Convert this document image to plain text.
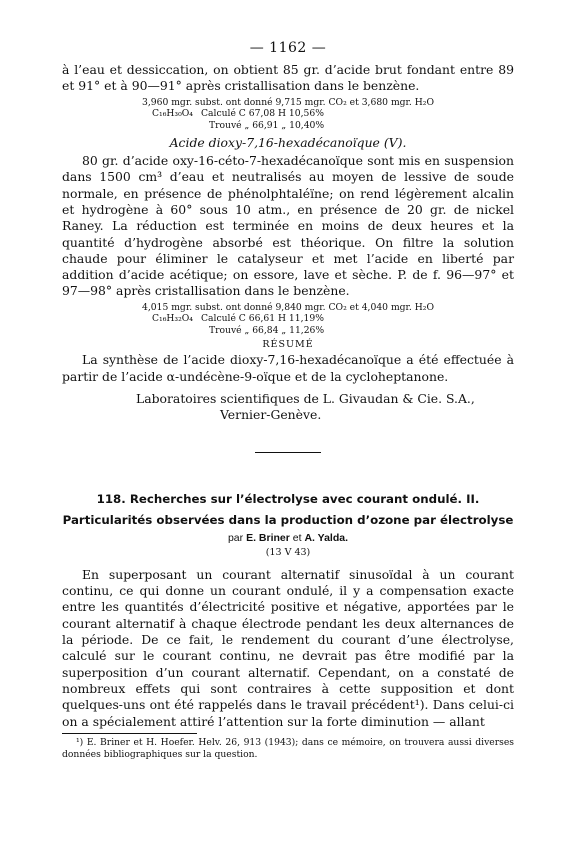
— 1162 —

à l’eau et dessiccation, on obtient 85 gr. d’acide brut fondant entre 89 et 91° et à 90—91° après cristallisation dans le benzène.

3,960 mgr. subst. ont donné 9,715 mgr. CO₂ et 3,680 mgr. H₂O
C₁₆H₃₀O₄ Calculé C 67,08 H 10,56%
Trouvé „ 66,91 „ 10,40%
Acide dioxy-7,16-hexadécanoïque (V).

80 gr. d’acide oxy-16-céto-7-hexadécanoïque sont mis en suspension dans 1500 cm³ d’eau et neutralisés au moyen de lessive de soude normale, en présence de phénolphtaléïne; on rend légèrement alcalin et hydrogène à 60° sous 10 atm., en présence de 20 gr. de nickel Raney. La réduction est terminée en moins de deux heures et la quantité d’hydrogène absorbé est théorique. On filtre la solution chaude pour éliminer le catalyseur et met l’acide en liberté par addition d’acide acétique; on essore, lave et sèche. P. de f. 96—97° et 97—98° après cristallisation dans le benzène.

4,015 mgr. subst. ont donné 9,840 mgr. CO₂ et 4,040 mgr. H₂O
C₁₆H₃₂O₄ Calculé C 66,61 H 11,19%
Trouvé „ 66,84 „ 11,26%
RÉSUMÉ

La synthèse de l’acide dioxy-7,16-hexadécanoïque a été effectuée à partir de l’acide α-undécène-9-oïque et de la cycloheptanone.

Laboratoires scientifiques de L. Givaudan & Cie. S.A.,
Vernier-Genève.
118. Recherches sur l’électrolyse avec courant ondulé. II.
Particularités observées dans la production d’ozone par électrolyse
par E. Briner et A. Yalda.
(13 V 43)

En superposant un courant alternatif sinusoïdal à un courant continu, ce qui donne un courant ondulé, il y a compensation exacte entre les quantités d’électricité positive et négative, apportées par le courant alternatif à chaque électrode pendant les deux alternances de la période. De ce fait, le rendement du courant d’une électrolyse, calculé sur le courant continu, ne devrait pas être modifié par la superposition d’un courant alternatif. Cependant, on a constaté de nombreux effets qui sont contraires à cette supposition et dont quelques-uns ont été rappelés dans le travail précédent¹). Dans celui-ci on a spécialement attiré l’attention sur la forte diminution — allant

¹) E. Briner et H. Hoefer. Helv. 26, 913 (1943); dans ce mémoire, on trouvera aussi diverses données bibliographiques sur la question.
